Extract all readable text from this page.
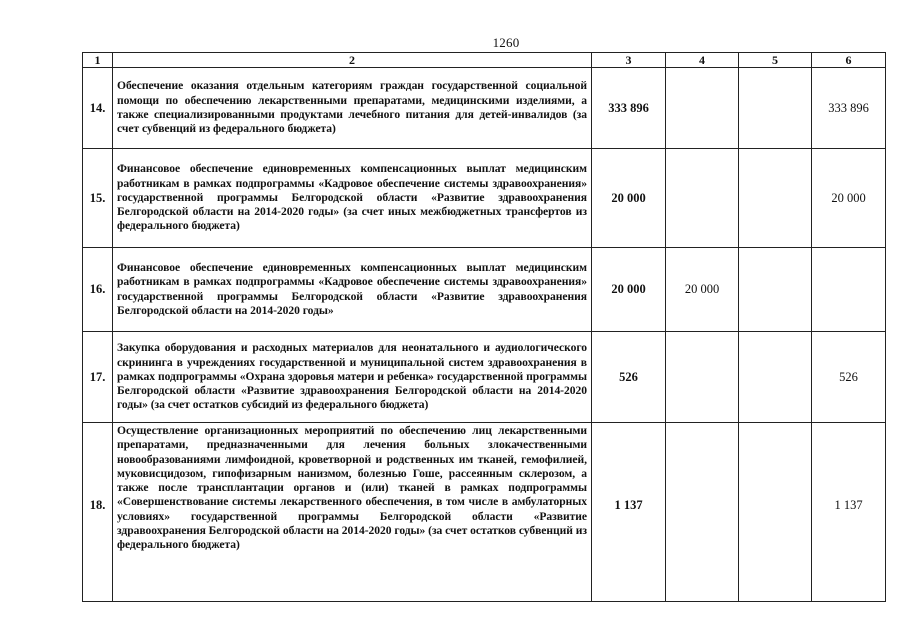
1260
1	2	3	4	5	6
14.	Обеспечение оказания отдельным категориям граждан государственной социальной помощи по обеспечению лекарственными препаратами, медицинскими изделиями, а также специализированными продуктами лечебного питания для детей-инвалидов (за счет субвенций из федерального бюджета)	333 896			333 896
15.	Финансовое обеспечение единовременных компенсационных выплат медицинским работникам в рамках подпрограммы «Кадровое обеспечение системы здравоохранения» государственной программы Белгородской области «Развитие здравоохранения Белгородской области на 2014-2020 годы» (за счет иных межбюджетных трансфертов из федерального бюджета)	20 000			20 000
16.	Финансовое обеспечение единовременных компенсационных выплат медицинским работникам в рамках подпрограммы «Кадровое обеспечение системы здравоохранения» государственной программы Белгородской области «Развитие здравоохранения Белгородской области на 2014-2020 годы»	20 000	20 000		
17.	Закупка оборудования и расходных материалов для неонатального и аудиологического скрининга в учреждениях государственной и муниципальной систем здравоохранения в рамках подпрограммы «Охрана здоровья матери и ребенка» государственной программы Белгородской области «Развитие здравоохранения Белгородской области на 2014-2020 годы» (за счет остатков субсидий из федерального бюджета)	526			526
18.	Осуществление организационных мероприятий по обеспечению лиц лекарственными препаратами, предназначенными для лечения больных злокачественными новообразованиями лимфоидной, кроветворной и родственных им тканей, гемофилией, муковисцидозом, гипофизарным нанизмом, болезнью Гоше, рассеянным склерозом, а также после трансплантации органов и (или) тканей в рамках подпрограммы «Совершенствование системы лекарственного обеспечения, в том числе в амбулаторных условиях» государственной программы Белгородской области «Развитие здравоохранения Белгородской области на 2014-2020 годы» (за счет остатков субвенций из федерального бюджета)	1 137			1 137
